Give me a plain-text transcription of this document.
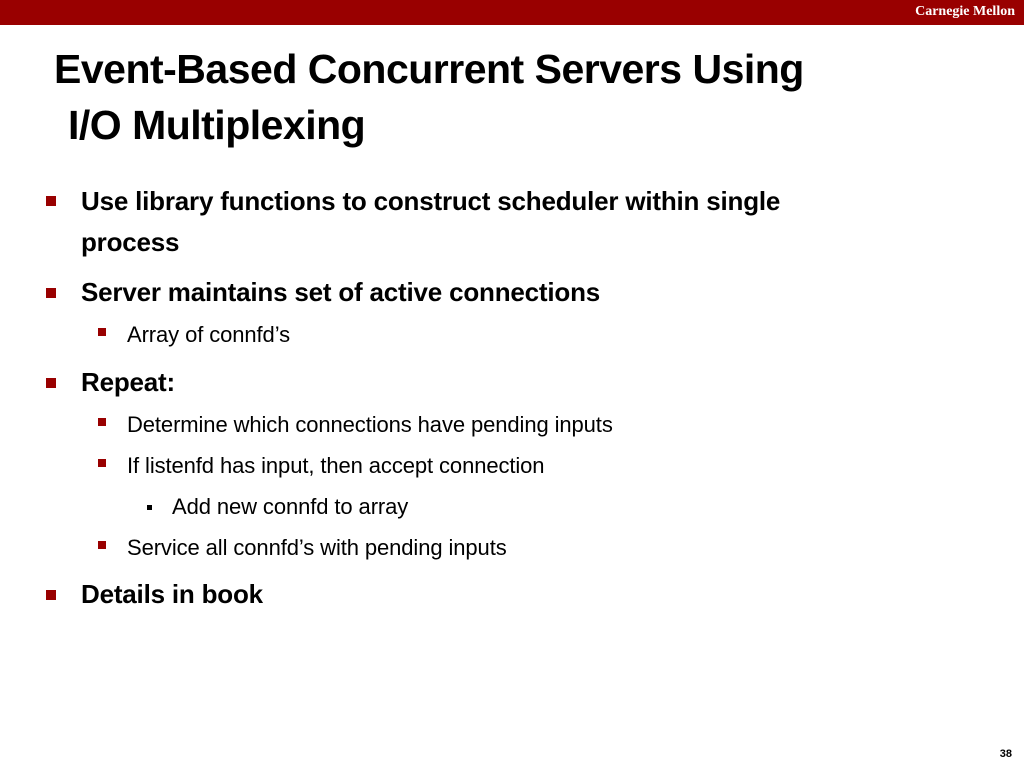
Carnegie Mellon
Event-Based Concurrent Servers Using
I/O Multiplexing
Use library functions to construct scheduler within single
process
Server maintains set of active connections
Array of connfd’s
Repeat:
Determine which connections have pending inputs
If listenfd has input, then accept connection
Add new connfd to array
Service all connfd’s with pending inputs
Details in book
38
